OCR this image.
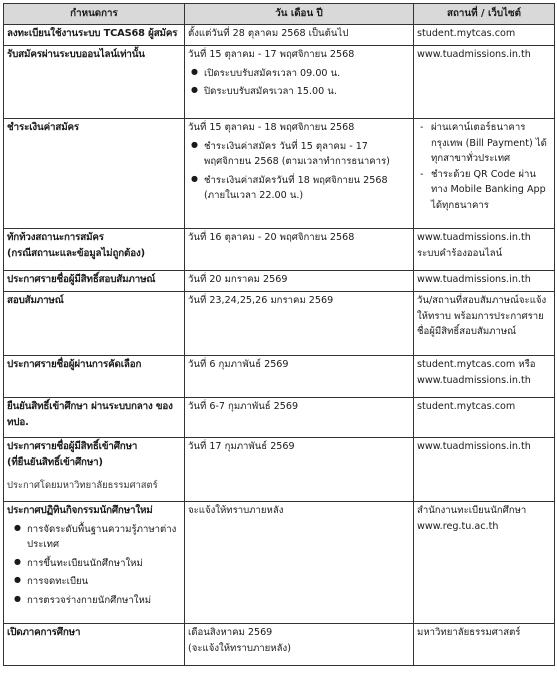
กำหนดการ	วัน เดือน ปี	สถานที่ / เว็บไซต์

ลงทะเบียนใช้งานระบบ TCAS68 ผู้สมัคร	ตั้งแต่วันที่ 28 ตุลาคม 2568 เป็นต้นไป	student.mytcas.com

รับสมัครผ่านระบบออนไลน์เท่านั้น	วันที่ 15 ตุลาคม - 17 พฤศจิกายน 2568
● เปิดระบบรับสมัครเวลา 09.00 น.
● ปิดระบบรับสมัครเวลา 15.00 น.	www.tuadmissions.in.th

ชำระเงินค่าสมัคร	วันที่ 15 ตุลาคม - 18 พฤศจิกายน 2568
● ชำระเงินค่าสมัคร วันที่ 15 ตุลาคม - 17 พฤศจิกายน 2568 (ตามเวลาทำการธนาคาร)
● ชำระเงินค่าสมัครวันที่ 18 พฤศจิกายน 2568 (ภายในเวลา 22.00 น.)	- ผ่านเคาน์เตอร์ธนาคารกรุงเทพ (Bill Payment) ได้ทุกสาขาทั่วประเทศ
- ชำระด้วย QR Code ผ่านทาง Mobile Banking App ได้ทุกธนาคาร

ทักท้วงสถานะการสมัคร
(กรณีสถานะและข้อมูลไม่ถูกต้อง)	วันที่ 16 ตุลาคม - 20 พฤศจิกายน 2568	www.tuadmissions.in.th
ระบบคำร้องออนไลน์

ประกาศรายชื่อผู้มีสิทธิ์สอบสัมภาษณ์	วันที่ 20 มกราคม 2569	www.tuadmissions.in.th

สอบสัมภาษณ์	วันที่ 23,24,25,26 มกราคม 2569	วัน/สถานที่สอบสัมภาษณ์จะแจ้งให้ทราบ พร้อมการประกาศรายชื่อผู้มีสิทธิ์สอบสัมภาษณ์

ประกาศรายชื่อผู้ผ่านการคัดเลือก	วันที่ 6 กุมภาพันธ์ 2569	student.mytcas.com หรือ
www.tuadmissions.in.th

ยืนยันสิทธิ์เข้าศึกษา ผ่านระบบกลาง ของ ทปอ.	วันที่ 6-7 กุมภาพันธ์ 2569	student.mytcas.com

ประกาศรายชื่อผู้มีสิทธิ์เข้าศึกษา
(ที่ยืนยันสิทธิ์เข้าศึกษา)
ประกาศโดยมหาวิทยาลัยธรรมศาสตร์	วันที่ 17 กุมภาพันธ์ 2569	www.tuadmissions.in.th

ประกาศปฏิทินกิจกรรมนักศึกษาใหม่
● การจัดระดับพื้นฐานความรู้ภาษาต่างประเทศ
● การขึ้นทะเบียนนักศึกษาใหม่
● การจดทะเบียน
● การตรวจร่างกายนักศึกษาใหม่	จะแจ้งให้ทราบภายหลัง	สำนักงานทะเบียนนักศึกษา
www.reg.tu.ac.th

เปิดภาคการศึกษา	เดือนสิงหาคม 2569
(จะแจ้งให้ทราบภายหลัง)	มหาวิทยาลัยธรรมศาสตร์
